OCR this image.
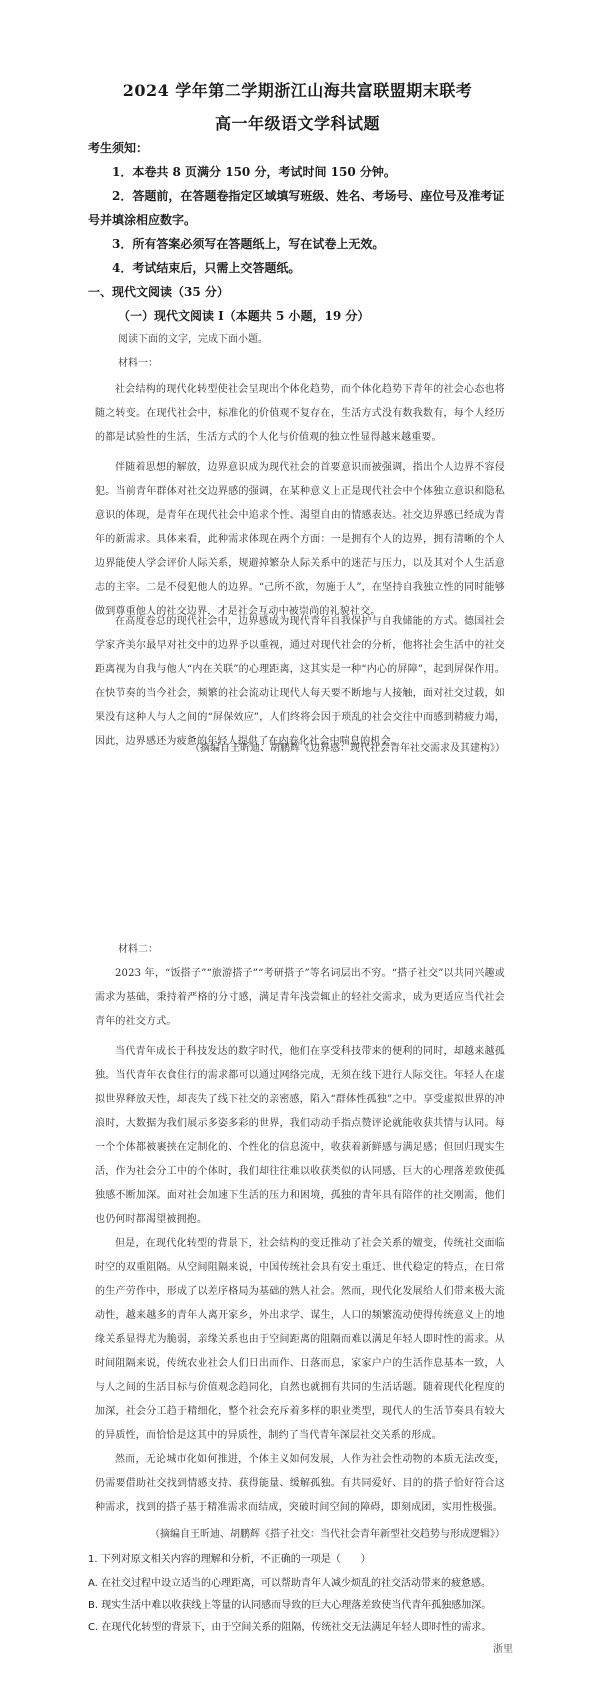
2024 学年第二学期浙江山海共富联盟期末联考
高一年级语文学科试题
考生须知：
1．本卷共 8 页满分 150 分，考试时间 150 分钟。
2．答题前，在答题卷指定区域填写班级、姓名、考场号、座位号及准考证
号并填涂相应数字。
3．所有答案必须写在答题纸上，写在试卷上无效。
4．考试结束后，只需上交答题纸。
一、现代文阅读（35 分）
（一）现代文阅读 I（本题共 5 小题，19 分）
阅读下面的文字，完成下面小题。
材料一：
社会结构的现代化转型使社会呈现出个体化趋势，而个体化趋势下青年的社会心态也将随之转变。在现代社会中，标准化的价值观不复存在，生活方式没有数我数有，每个人经历的都是试验性的生活，生活方式的个人化与价值观的独立性显得越来越重要。
伴随着思想的解放，边界意识成为现代社会的首要意识而被强调，指出个人边界不容侵犯。当前青年群体对社交边界感的强调，在某种意义上正是现代社会中个体独立意识和隐私意识的体现，是青年在现代社会中追求个性、渴望自由的情感表达。社交边界感已经成为青年的新需求。具体来看，此种需求体现在两个方面：一是拥有个人的边界，拥有清晰的个人边界能使人学会评价人际关系，规避掉繁杂人际关系中的迷茫与压力，以及其对个人生活意志的主宰。二是不侵犯他人的边界。“己所不欲，勿施于人”，在坚持自我独立性的同时能够做到尊重他人的社交边界，才是社会互动中被崇尚的礼貌社交。
在高度卷总的现代社会中，边界感成为现代青年自我保护与自我储能的方式。德国社会学家齐美尔最早对社交中的边界予以重视，通过对现代社会的分析，他将社会生活中的社交距离视为自我与他人“内在关联”的心理距离，这其实是一种“内心的屏障”，起到屏保作用。在快节奏的当今社会，频繁的社会流动让现代人每天要不断地与人接触，面对社交过载，如果没有这种人与人之间的“屏保效应”，人们终将会因于琐乱的社会交往中而感到精疲力竭，因此，边界感还为疲惫的年轻人提供了在内卷化社会中喘息的机会。
（摘编自王昕迪、胡鹏辉《边界感：现代社会青年社交需求及其建构》）
材料二：
2023 年，“饭搭子”“旅游搭子”“考研搭子”等名词层出不穷。“搭子社交”以共同兴趣或需求为基础，秉持着严格的分寸感，满足青年浅尝辄止的轻社交需求，成为更适应当代社会青年的社交方式。
当代青年成长于科技发达的数字时代，他们在享受科技带来的便利的同时，却越来越孤独。当代青年衣食住行的需求都可以通过网络完成，无须在线下进行人际交往。年轻人在虚拟世界释放天性，却丧失了线下社交的亲密感，陷入“群体性孤独”之中。享受虚拟世界的冲浪时，大数据为我们展示多姿多彩的世界，我们动动手指点赞评论就能收获共情与认同。每一个个体都被裹挟在定制化的、个性化的信息流中，收获着新鲜感与满足感；但回归现实生活，作为社会分工中的个体时，我们却往往难以收获类似的认同感，巨大的心理落差致使孤独感不断加深。面对社会加速下生活的压力和困境，孤独的青年具有陪伴的社交刚需，他们也仍何时都渴望被拥抱。
但是，在现代化转型的背景下，社会结构的变迁推动了社会关系的嬗变，传统社交面临时空的双重阻隔。从空间阻隔来说，中国传统社会具有安土重迁、世代稳定的特点，在日常的生产劳作中，形成了以差序格局为基础的熟人社会。然而，现代化发展给人们带来极大流动性，越来越多的青年人离开家乡，外出求学、谋生，人口的频繁流动使得传统意义上的地缘关系显得尤为脆弱，亲缘关系也由于空间距离的阻隔而难以满足年轻人即时性的需求。从时间阻隔来说，传统农业社会人们日出而作、日落而息，家家户户的生活作息基本一致，人与人之间的生活目标与价值观念趋同化，自然也就拥有共同的生活话题。随着现代化程度的加深，社会分工趋于精细化，整个社会充斥着多样的职业类型，现代人的生活节奏具有较大的异质性，而恰恰是这其中的异质性，制约了当代青年深层社交关系的形成。
然而，无论城市化如何推进，个体主义如何发展，人作为社会性动物的本质无法改变，仍需要借助社交找到情感支持、获得能量、缓解孤独。有共同爱好、目的的搭子恰好符合这种需求，找到的搭子基于精准需求而结成，突破时间空间的障碍，即刻成团，实用性极强。
（摘编自王昕迪、胡鹏辉《搭子社交：当代社会青年新型社交趋势与形成逻辑》）
1. 下列对原文相关内容的理解和分析，不正确的一项是（　　）
A. 在社交过程中设立适当的心理距离，可以帮助青年人减少烦乱的社交活动带来的疲惫感。
B. 现实生活中难以收获线上等量的认同感而导致的巨大心理落差致使当代青年孤独感加深。
C. 在现代化转型的背景下，由于空间关系的阻隔，传统社交无法满足年轻人即时性的需求。
浙里
